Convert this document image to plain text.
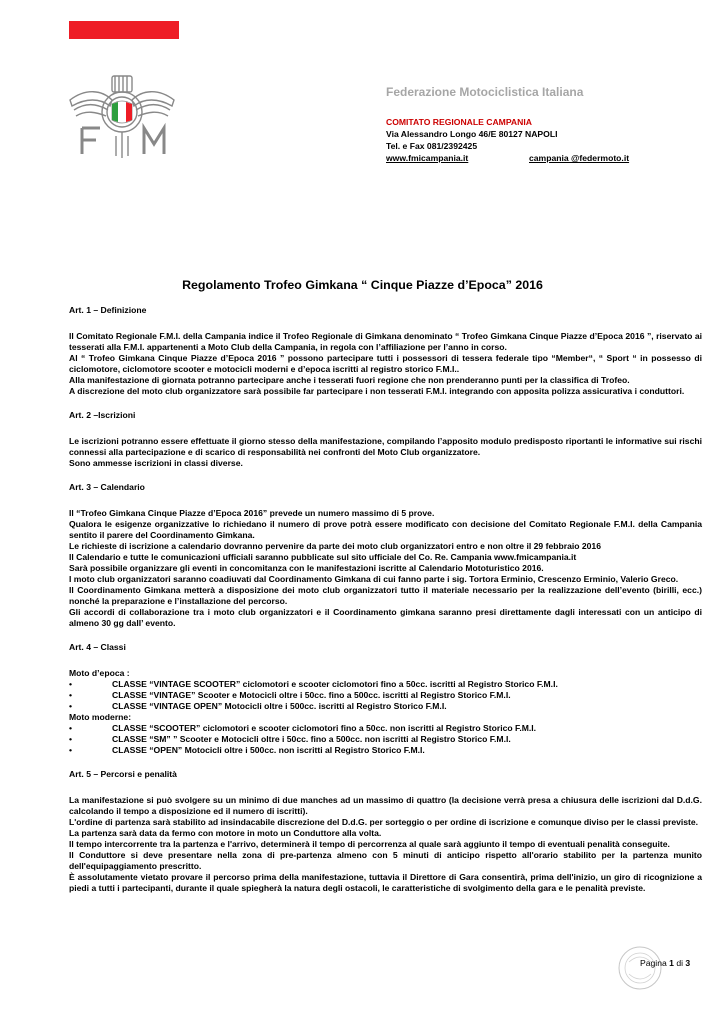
Federazione Motociclistica Italiana
COMITATO REGIONALE CAMPANIA
Via Alessandro Longo 46/E 80127 NAPOLI
Tel. e Fax 081/2392425
www.fmicampania.it	campania @federmoto.it
Regolamento Trofeo Gimkana “ Cinque Piazze d’Epoca” 2016

Art. 1 – Definizione

Il Comitato Regionale F.M.I. della Campania indice il Trofeo Regionale di Gimkana denominato “ Trofeo Gimkana Cinque Piazze d’Epoca 2016 ”, riservato ai tesserati alla F.M.I. appartenenti a Moto Club della Campania, in regola con l’affiliazione per l’anno in corso.

Al “ Trofeo Gimkana Cinque Piazze d’Epoca 2016 ” possono partecipare tutti i possessori di tessera federale tipo “Member“, “ Sport “ in possesso di ciclomotore, ciclomotore scooter e motocicli moderni e d’epoca iscritti al registro storico F.M.I..

Alla manifestazione di giornata potranno partecipare anche i tesserati fuori regione che non prenderanno punti per la classifica di Trofeo.

A discrezione del moto club organizzatore sarà possibile far partecipare i non tesserati F.M.I. integrando con apposita polizza assicurativa i conduttori.

Art. 2 –Iscrizioni

Le iscrizioni potranno essere effettuate il giorno stesso della manifestazione, compilando l’apposito modulo predisposto riportanti le informative sui rischi connessi alla partecipazione e di scarico di responsabilità nei confronti del Moto Club organizzatore.

Sono ammesse iscrizioni in classi diverse.

Art. 3 – Calendario

Il “Trofeo Gimkana Cinque Piazze d’Epoca 2016” prevede un numero massimo di 5 prove.

Qualora le esigenze organizzative lo richiedano il numero di prove potrà essere modificato con decisione del Comitato Regionale F.M.I. della Campania sentito il parere del Coordinamento Gimkana.

Le richieste di iscrizione a calendario dovranno pervenire da parte dei moto club organizzatori entro e non oltre il 29 febbraio 2016

Il Calendario e tutte le comunicazioni ufficiali saranno pubblicate sul sito ufficiale del Co. Re. Campania www.fmicampania.it

Sarà possibile organizzare gli eventi in concomitanza con le manifestazioni iscritte al Calendario Mototuristico 2016.

I moto club organizzatori saranno coadiuvati dal Coordinamento Gimkana di cui fanno parte i sig. Tortora Erminio, Crescenzo Erminio, Valerio Greco.

Il Coordinamento Gimkana metterà a disposizione dei moto club organizzatori tutto il materiale necessario per la realizzazione dell’evento (birilli, ecc.) nonché la preparazione e l’installazione del percorso.

Gli accordi di collaborazione tra i moto club organizzatori e il Coordinamento gimkana saranno presi direttamente dagli interessati con un anticipo di almeno 30 gg dall’ evento.

Art. 4 – Classi

Moto d’epoca :

•	CLASSE “VINTAGE SCOOTER” ciclomotori e scooter ciclomotori fino a 50cc. iscritti al Registro Storico F.M.I.
•	CLASSE “VINTAGE” Scooter e Motocicli oltre i 50cc. fino a 500cc. iscritti al Registro Storico F.M.I.
•	CLASSE “VINTAGE OPEN” Motocicli oltre i 500cc. iscritti al Registro Storico F.M.I.

Moto moderne:

•	CLASSE “SCOOTER” ciclomotori e scooter ciclomotori fino a 50cc. non iscritti al Registro Storico F.M.I.
•	CLASSE “SM” ” Scooter e Motocicli oltre i 50cc. fino a 500cc. non iscritti al Registro Storico F.M.I.
•	CLASSE “OPEN” Motocicli oltre i 500cc. non iscritti al Registro Storico F.M.I.

Art. 5 – Percorsi e penalità

La manifestazione si può svolgere su un minimo di due manches ad un massimo di quattro (la decisione verrà presa a chiusura delle iscrizioni dal D.d.G. calcolando il tempo a disposizione ed il numero di iscritti).

L'ordine di partenza sarà stabilito ad insindacabile discrezione del D.d.G. per sorteggio o per ordine di iscrizione e comunque diviso per le classi previste.

La partenza sarà data da fermo con motore in moto un Conduttore alla volta.

Il tempo intercorrente tra la partenza e l'arrivo, determinerà il tempo di percorrenza al quale sarà aggiunto il tempo di eventuali penalità conseguite.

Il Conduttore si deve presentare nella zona di pre-partenza almeno con 5 minuti di anticipo rispetto all'orario stabilito per la partenza munito dell'equipaggiamento prescritto.

È assolutamente vietato provare il percorso prima della manifestazione, tuttavia il Direttore di Gara consentirà, prima dell'inizio, un giro di ricognizione a piedi a tutti i partecipanti, durante il quale spiegherà la natura degli ostacoli, le caratteristiche di svolgimento della gara e le penalità previste.

Pagina 1 di 3
